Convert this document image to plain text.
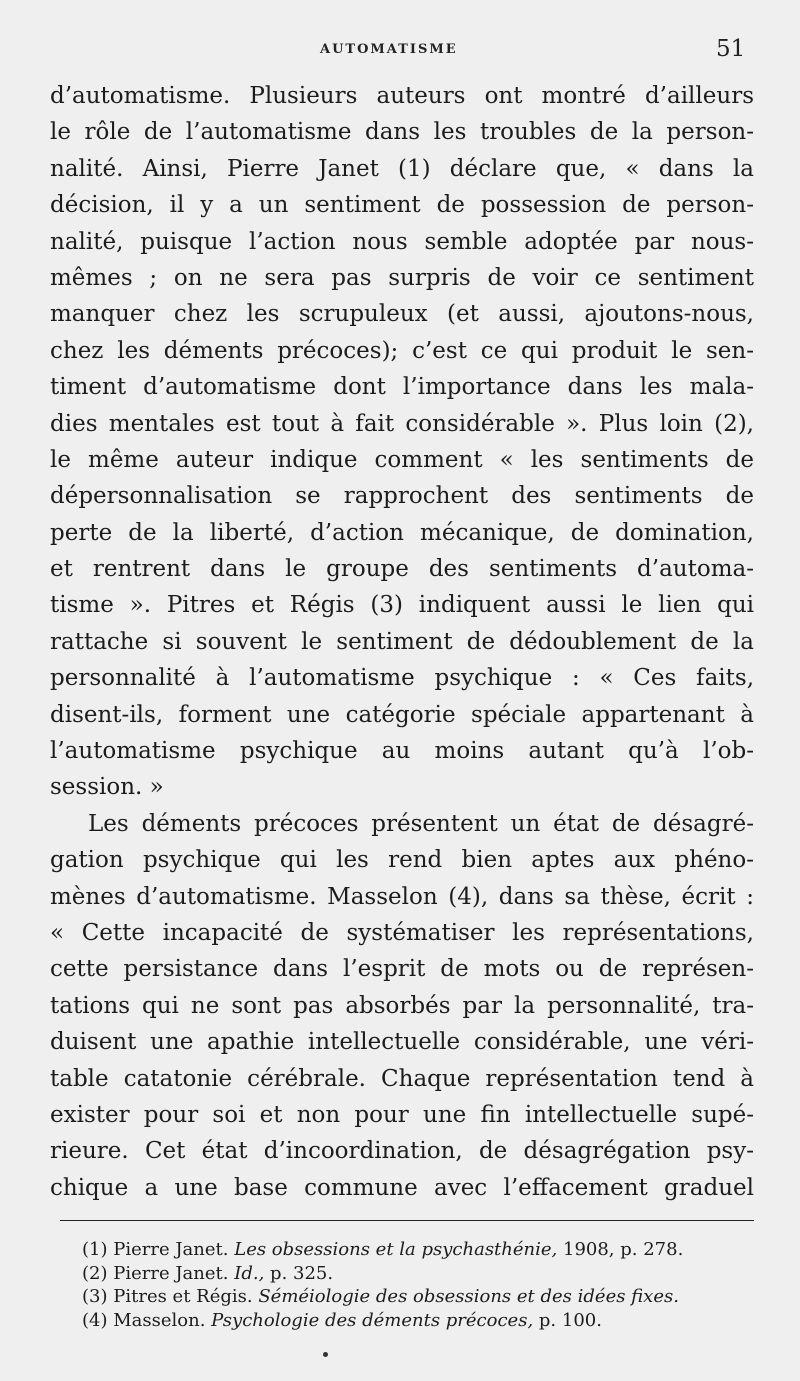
AUTOMATISME	51
d’automatisme. Plusieurs auteurs ont montré d’ailleurs
le rôle de l’automatisme dans les troubles de la person-
nalité. Ainsi, Pierre Janet (1) déclare que, « dans la
décision, il y a un sentiment de possession de person-
nalité, puisque l’action nous semble adoptée par nous-
mêmes ; on ne sera pas surpris de voir ce sentiment
manquer chez les scrupuleux (et aussi, ajoutons-nous,
chez les déments précoces); c’est ce qui produit le sen-
timent d’automatisme dont l’importance dans les mala-
dies mentales est tout à fait considérable ». Plus loin (2),
le même auteur indique comment « les sentiments de
dépersonnalisation se rapprochent des sentiments de
perte de la liberté, d’action mécanique, de domination,
et rentrent dans le groupe des sentiments d’automa-
tisme ». Pitres et Régis (3) indiquent aussi le lien qui
rattache si souvent le sentiment de dédoublement de la
personnalité à l’automatisme psychique : « Ces faits,
disent-ils, forment une catégorie spéciale appartenant à
l’automatisme psychique au moins autant qu’à l’ob-
session. »
Les déments précoces présentent un état de désagré-
gation psychique qui les rend bien aptes aux phéno-
mènes d’automatisme. Masselon (4), dans sa thèse, écrit :
« Cette incapacité de systématiser les représentations,
cette persistance dans l’esprit de mots ou de représen-
tations qui ne sont pas absorbés par la personnalité, tra-
duisent une apathie intellectuelle considérable, une véri-
table catatonie cérébrale. Chaque représentation tend à
exister pour soi et non pour une fin intellectuelle supé-
rieure. Cet état d’incoordination, de désagrégation psy-
chique a une base commune avec l’effacement graduel
(1) Pierre Janet. Les obsessions et la psychasthénie, 1908, p. 278.
(2) Pierre Janet. Id., p. 325.
(3) Pitres et Régis. Séméiologie des obsessions et des idées fixes.
(4) Masselon. Psychologie des déments précoces, p. 100.
